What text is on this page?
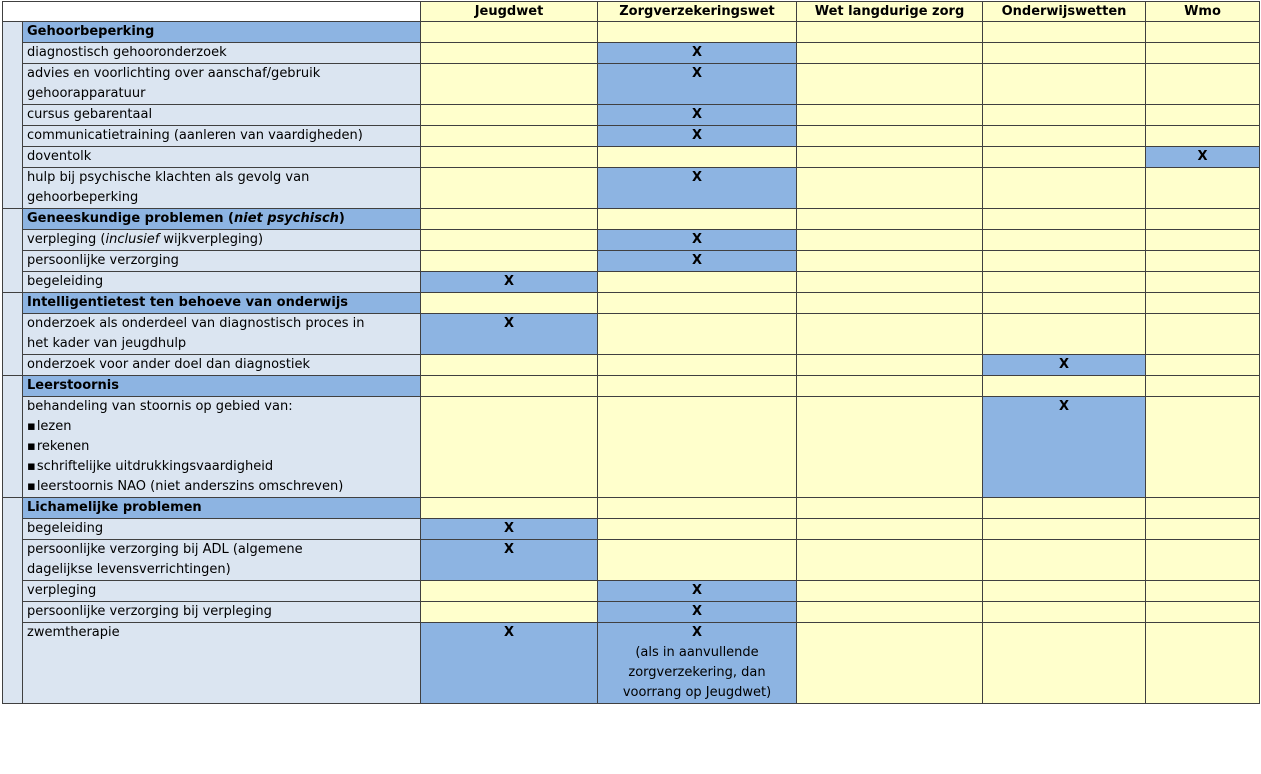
		Jeugdwet	Zorgverzekeringswet	Wet langdurige zorg	Onderwijswetten	Wmo
	Gehoorbeperking					

	diagnostisch gehooronderzoek		X			

	advies en voorlichting over aanschaf/gebruik
gehoorapparatuur		X			

	cursus gebarentaal		X			

	communicatietraining (aanleren van vaardigheden)		X			

	doventolk					X

	hulp bij psychische klachten als gevolg van
gehoorbeperking		X			

	Geneeskundige problemen (niet psychisch)					
	verpleging (inclusief wijkverpleging)		X			

	persoonlijke verzorging		X			

	begeleiding	X				

	Intelligentietest ten behoeve van onderwijs					

	onderzoek als onderdeel van diagnostisch proces in
het kader van jeugdhulp	X				

	onderzoek voor ander doel dan diagnostiek				X	

	Leerstoornis					

	behandeling van stoornis op gebied van:
▪ lezen
▪ rekenen
▪ schriftelijke uitdrukkingsvaardigheid
▪ leerstoornis NAO (niet anderszins omschreven)				X	

	Lichamelijke problemen					

	begeleiding	X				

	persoonlijke verzorging bij ADL (algemene
dagelijkse levensverrichtingen)	X				

	verpleging		X			

	persoonlijke verzorging bij verpleging		X			

	zwemtherapie	X	X
(als in aanvullende
zorgverzekering, dan
voorrang op Jeugdwet)			
